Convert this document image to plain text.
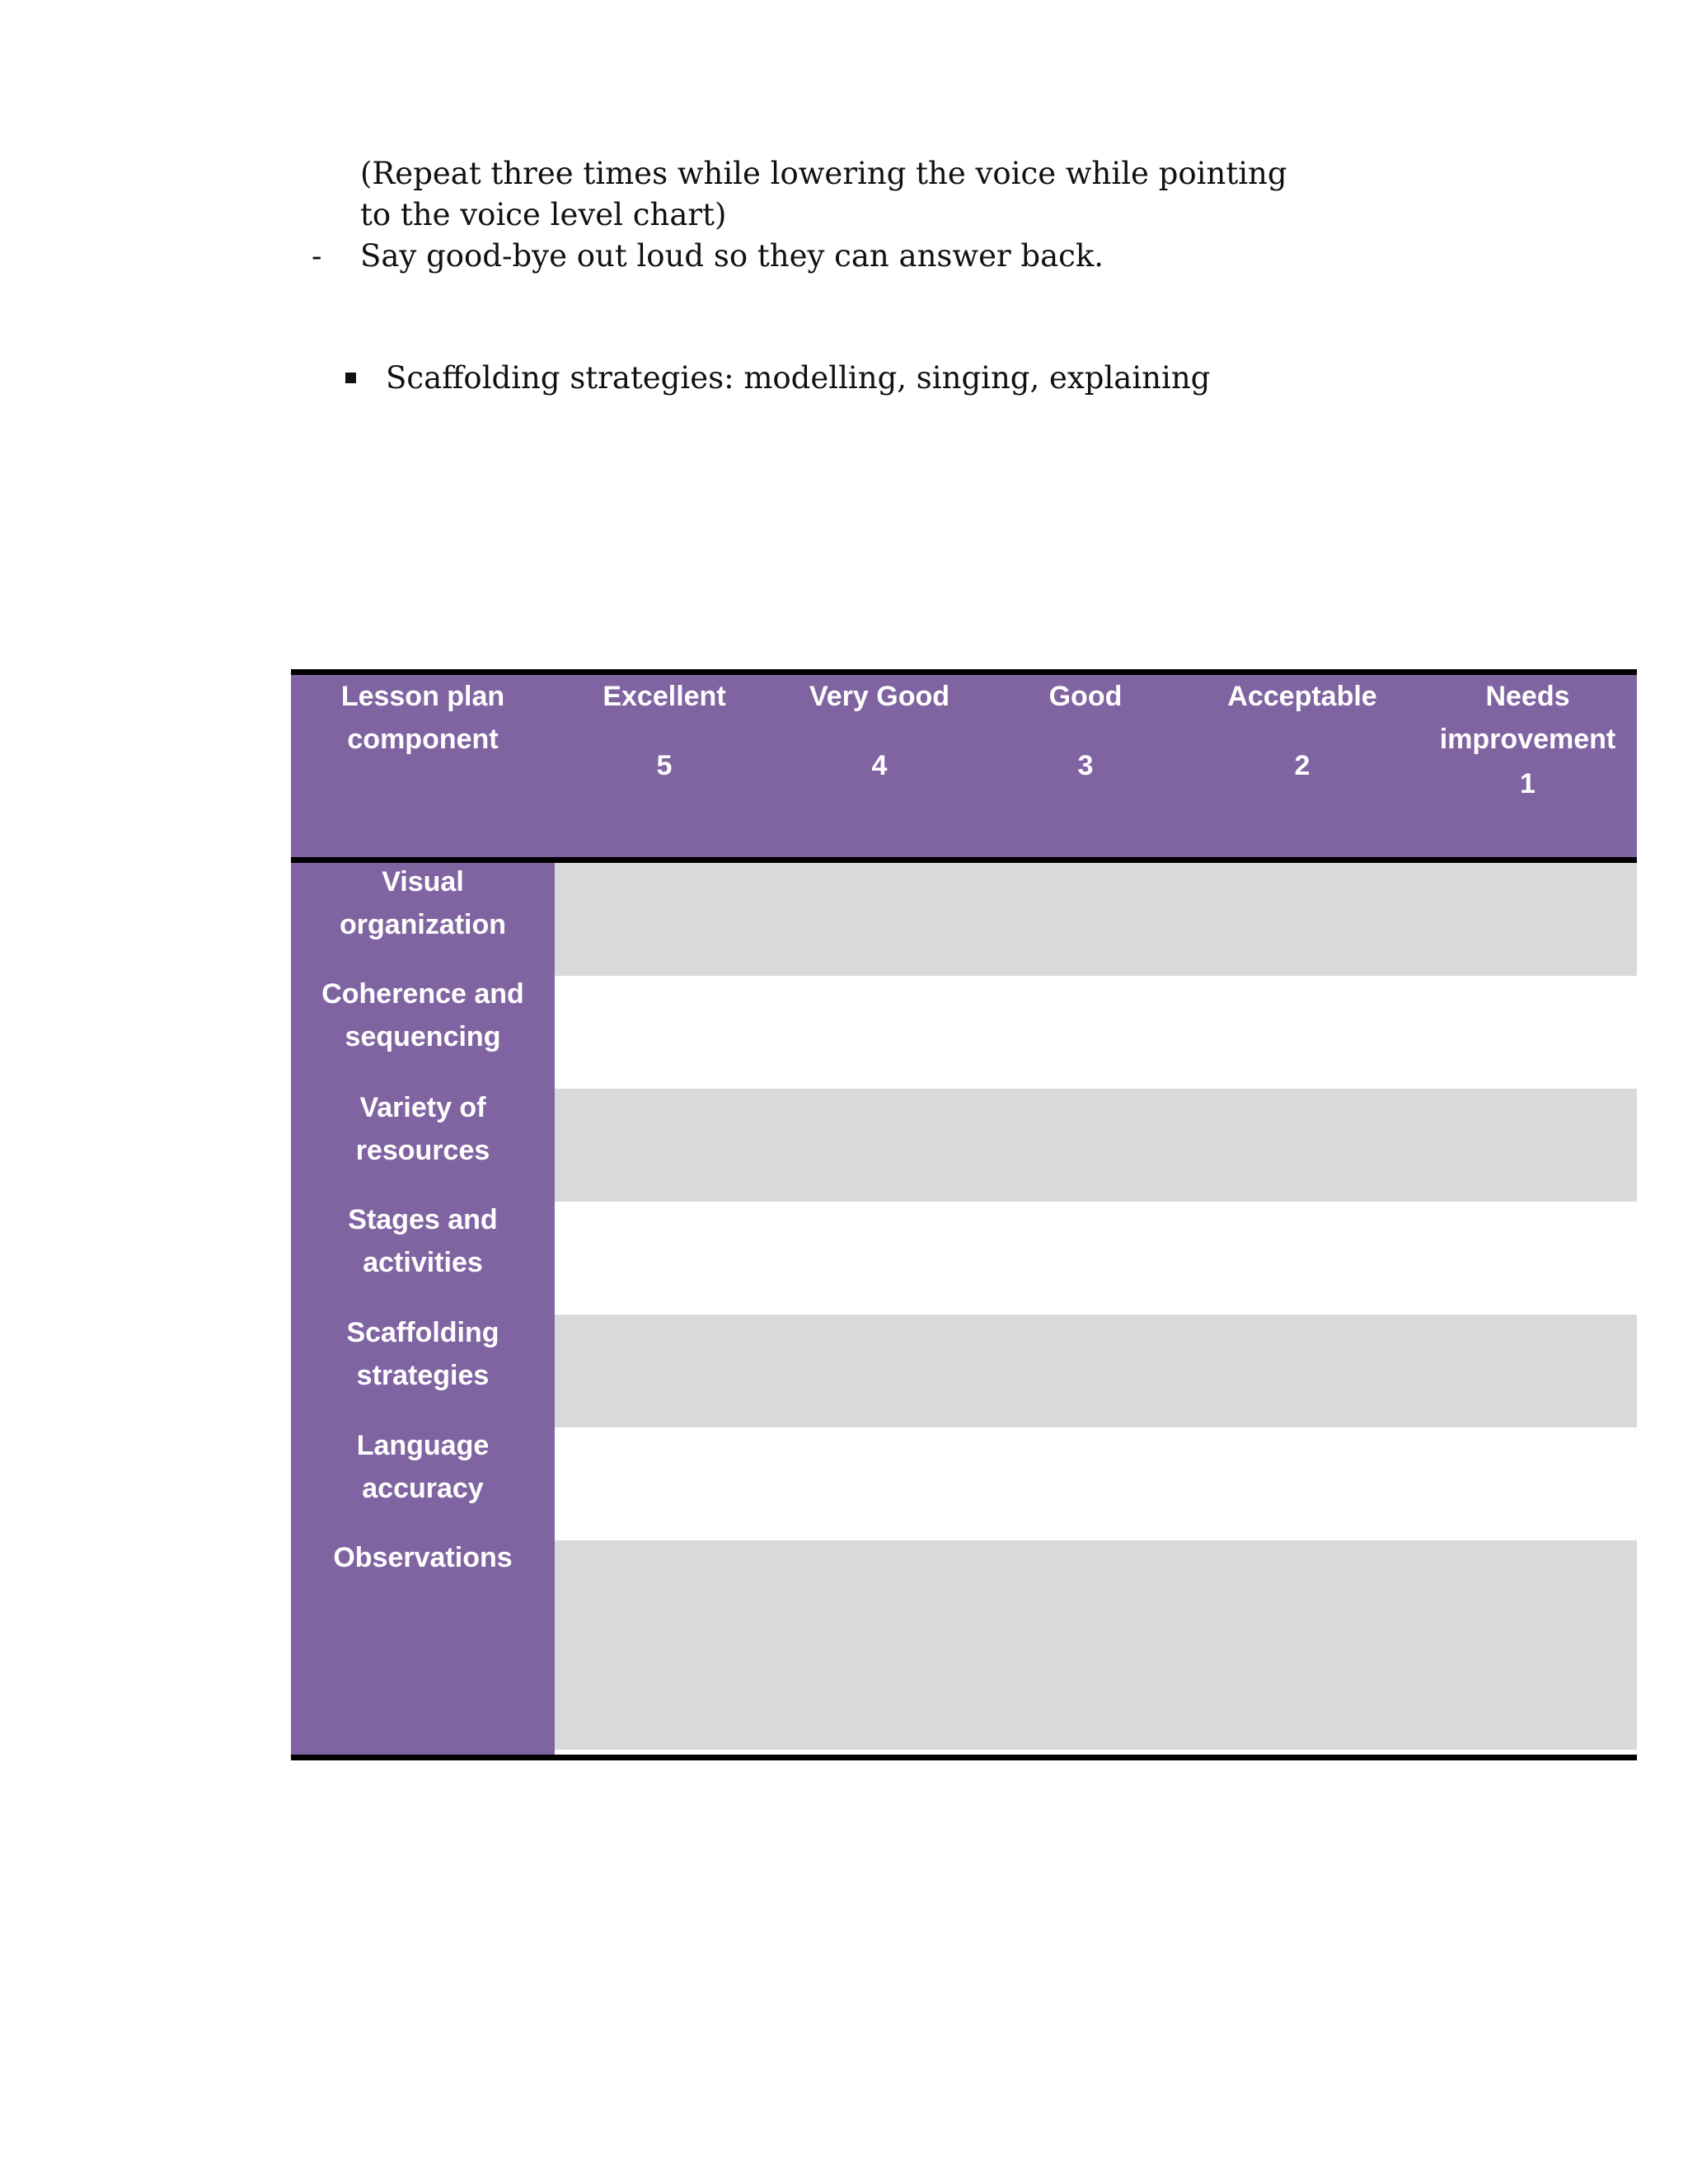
(Repeat three times while lowering the voice while pointing

to the voice level chart)

- Say good-bye out loud so they can answer back.

Scaffolding strategies: modelling, singing, explaining

Lesson plan
component
Excellent
5
Very Good
4
Good
3
Acceptable
2
Needs
improvement
1
Visual
organization
Coherence and
sequencing
Variety of
resources
Stages and
activities
Scaffolding
strategies
Language
accuracy
Observations
